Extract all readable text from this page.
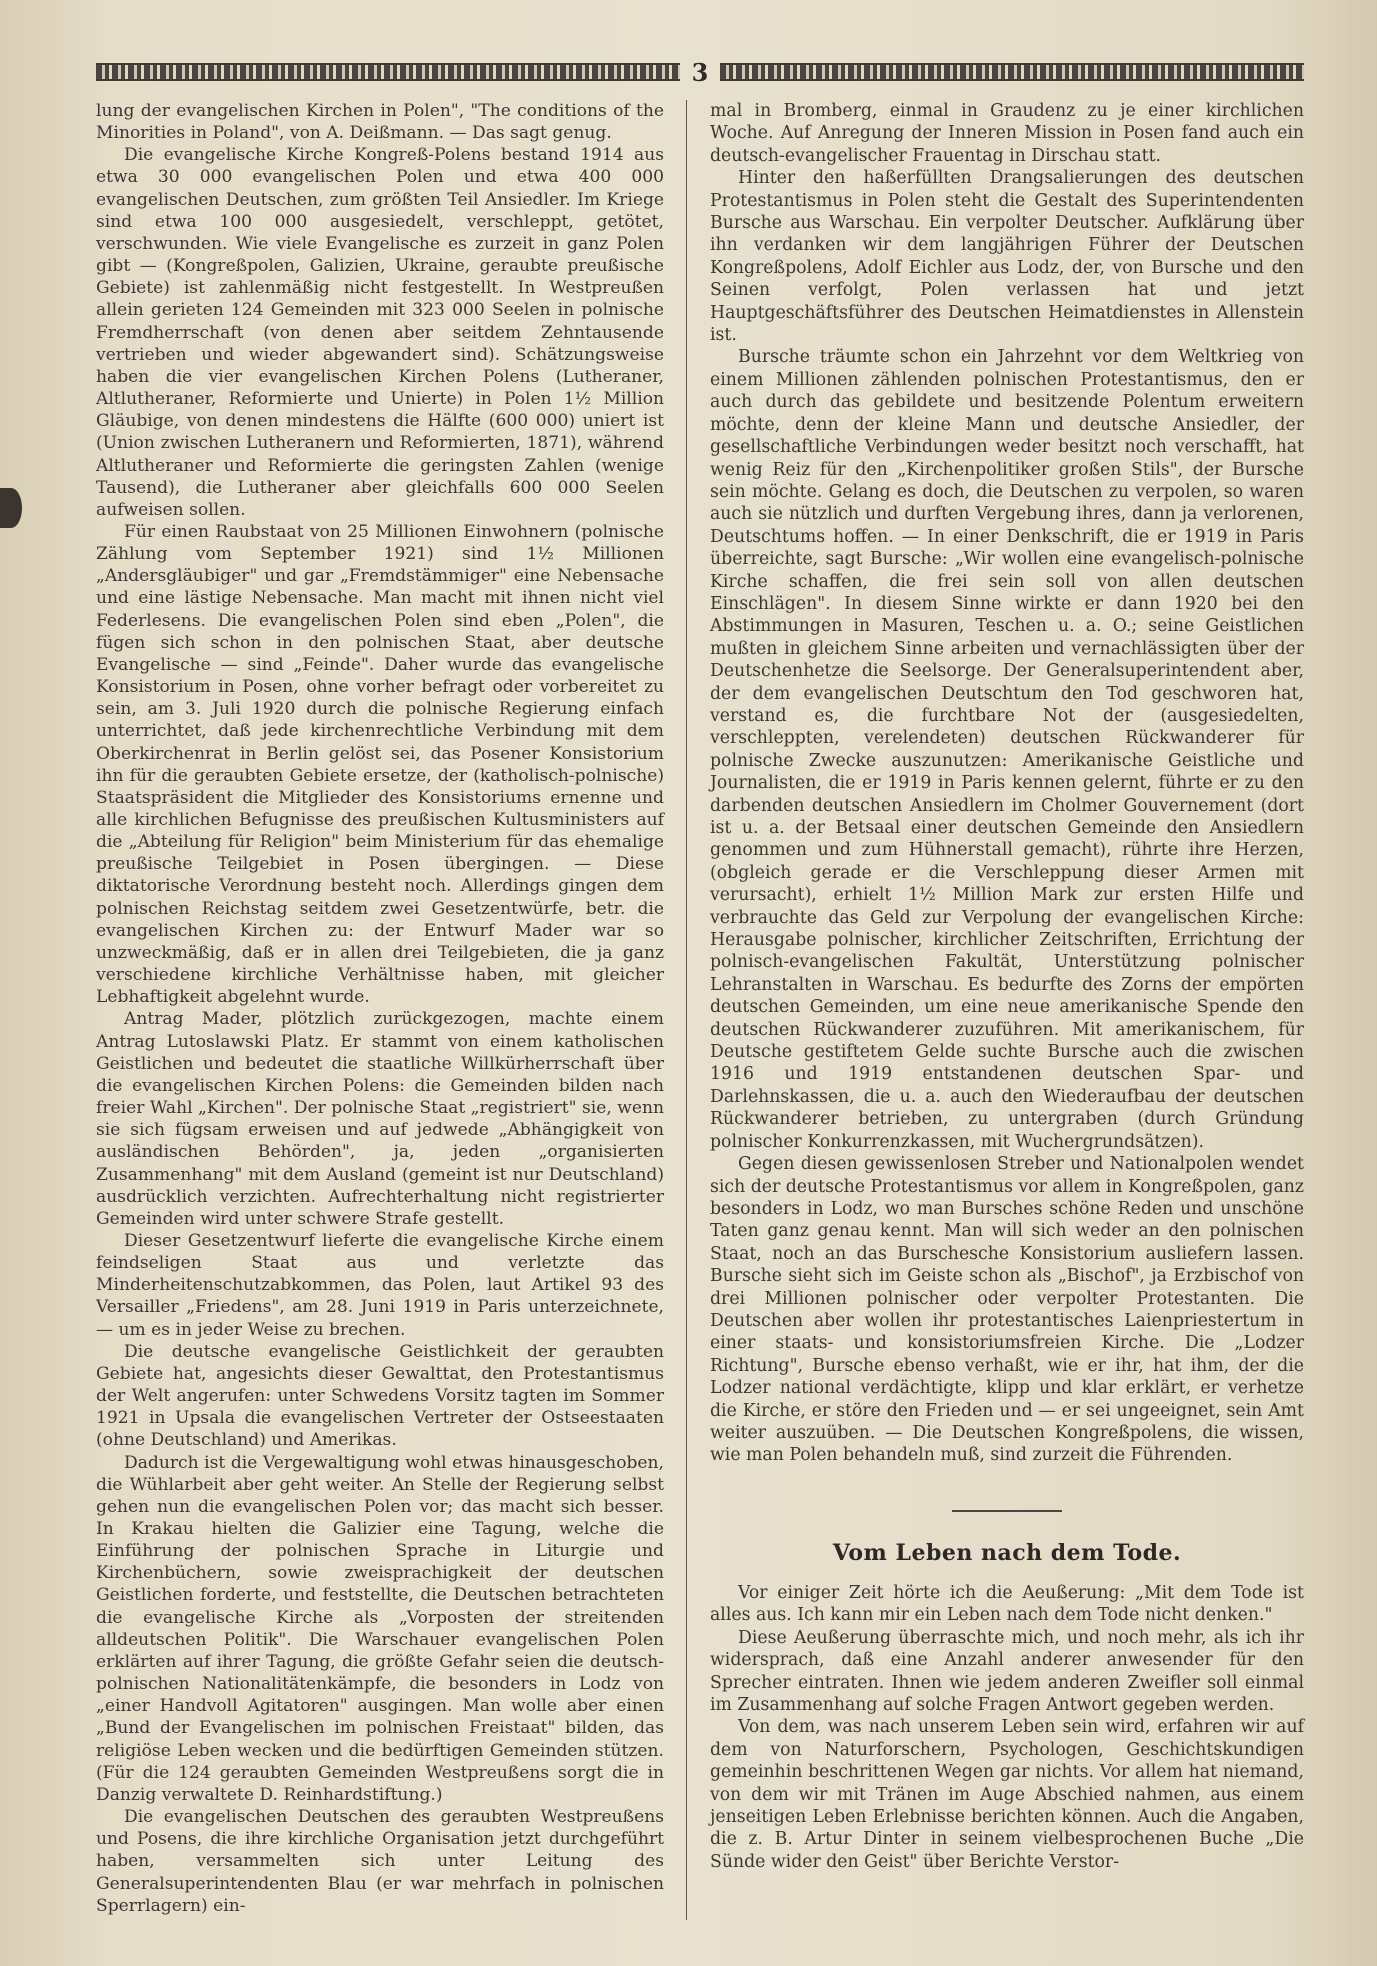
3

lung der evangelischen Kirchen in Polen", "The conditions of the Minorities in Poland", von A. Deißmann. — Das sagt genug.

Die evangelische Kirche Kongreß-Polens bestand 1914 aus etwa 30 000 evangelischen Polen und etwa 400 000 evangelischen Deutschen, zum größten Teil Ansiedler. Im Kriege sind etwa 100 000 ausgesiedelt, verschleppt, getötet, verschwunden. Wie viele Evangelische es zurzeit in ganz Polen gibt — (Kongreßpolen, Galizien, Ukraine, geraubte preußische Gebiete) ist zahlenmäßig nicht festgestellt. In Westpreußen allein gerieten 124 Gemeinden mit 323 000 Seelen in polnische Fremdherrschaft (von denen aber seitdem Zehntausende vertrieben und wieder abgewandert sind). Schätzungsweise haben die vier evangelischen Kirchen Polens (Lutheraner, Altlutheraner, Reformierte und Unierte) in Polen 1½ Million Gläubige, von denen mindestens die Hälfte (600 000) uniert ist (Union zwischen Lutheranern und Reformierten, 1871), während Altlutheraner und Reformierte die geringsten Zahlen (wenige Tausend), die Lutheraner aber gleichfalls 600 000 Seelen aufweisen sollen.

Für einen Raubstaat von 25 Millionen Einwohnern (polnische Zählung vom September 1921) sind 1½ Millionen „Andersgläubiger" und gar „Fremdstämmiger" eine Nebensache und eine lästige Nebensache. Man macht mit ihnen nicht viel Federlesens. Die evangelischen Polen sind eben „Polen", die fügen sich schon in den polnischen Staat, aber deutsche Evangelische — sind „Feinde". Daher wurde das evangelische Konsistorium in Posen, ohne vorher befragt oder vorbereitet zu sein, am 3. Juli 1920 durch die polnische Regierung einfach unterrichtet, daß jede kirchenrechtliche Verbindung mit dem Oberkirchenrat in Berlin gelöst sei, das Posener Konsistorium ihn für die geraubten Gebiete ersetze, der (katholisch-polnische) Staatspräsident die Mitglieder des Konsistoriums ernenne und alle kirchlichen Befugnisse des preußischen Kultusministers auf die „Abteilung für Religion" beim Ministerium für das ehemalige preußische Teilgebiet in Posen übergingen. — Diese diktatorische Verordnung besteht noch. Allerdings gingen dem polnischen Reichstag seitdem zwei Gesetzentwürfe, betr. die evangelischen Kirchen zu: der Entwurf Mader war so unzweckmäßig, daß er in allen drei Teilgebieten, die ja ganz verschiedene kirchliche Verhältnisse haben, mit gleicher Lebhaftigkeit abgelehnt wurde.

Antrag Mader, plötzlich zurückgezogen, machte einem Antrag Lutoslawski Platz. Er stammt von einem katholischen Geistlichen und bedeutet die staatliche Willkürherrschaft über die evangelischen Kirchen Polens: die Gemeinden bilden nach freier Wahl „Kirchen". Der polnische Staat „registriert" sie, wenn sie sich fügsam erweisen und auf jedwede „Abhängigkeit von ausländischen Behörden", ja, jeden „organisierten Zusammenhang" mit dem Ausland (gemeint ist nur Deutschland) ausdrücklich verzichten. Aufrechterhaltung nicht registrierter Gemeinden wird unter schwere Strafe gestellt.

Dieser Gesetzentwurf lieferte die evangelische Kirche einem feindseligen Staat aus und verletzte das Minderheitenschutzabkommen, das Polen, laut Artikel 93 des Versailler „Friedens", am 28. Juni 1919 in Paris unterzeichnete, — um es in jeder Weise zu brechen.

Die deutsche evangelische Geistlichkeit der geraubten Gebiete hat, angesichts dieser Gewalttat, den Protestantismus der Welt angerufen: unter Schwedens Vorsitz tagten im Sommer 1921 in Upsala die evangelischen Vertreter der Ostseestaaten (ohne Deutschland) und Amerikas.

Dadurch ist die Vergewaltigung wohl etwas hinausgeschoben, die Wühlarbeit aber geht weiter. An Stelle der Regierung selbst gehen nun die evangelischen Polen vor; das macht sich besser. In Krakau hielten die Galizier eine Tagung, welche die Einführung der polnischen Sprache in Liturgie und Kirchenbüchern, sowie zweisprachigkeit der deutschen Geistlichen forderte, und feststellte, die Deutschen betrachteten die evangelische Kirche als „Vorposten der streitenden alldeutschen Politik". Die Warschauer evangelischen Polen erklärten auf ihrer Tagung, die größte Gefahr seien die deutsch-polnischen Nationalitätenkämpfe, die besonders in Lodz von „einer Handvoll Agitatoren" ausgingen. Man wolle aber einen „Bund der Evangelischen im polnischen Freistaat" bilden, das religiöse Leben wecken und die bedürftigen Gemeinden stützen. (Für die 124 geraubten Gemeinden Westpreußens sorgt die in Danzig verwaltete D. Reinhardstiftung.)

Die evangelischen Deutschen des geraubten Westpreußens und Posens, die ihre kirchliche Organisation jetzt durchgeführt haben, versammelten sich unter Leitung des Generalsuperintendenten Blau (er war mehrfach in polnischen Sperrlagern) ein-

mal in Bromberg, einmal in Graudenz zu je einer kirchlichen Woche. Auf Anregung der Inneren Mission in Posen fand auch ein deutsch-evangelischer Frauentag in Dirschau statt.

Hinter den haßerfüllten Drangsalierungen des deutschen Protestantismus in Polen steht die Gestalt des Superintendenten Bursche aus Warschau. Ein verpolter Deutscher. Aufklärung über ihn verdanken wir dem langjährigen Führer der Deutschen Kongreßpolens, Adolf Eichler aus Lodz, der, von Bursche und den Seinen verfolgt, Polen verlassen hat und jetzt Hauptgeschäftsführer des Deutschen Heimatdienstes in Allenstein ist.

Bursche träumte schon ein Jahrzehnt vor dem Weltkrieg von einem Millionen zählenden polnischen Protestantismus, den er auch durch das gebildete und besitzende Polentum erweitern möchte, denn der kleine Mann und deutsche Ansiedler, der gesellschaftliche Verbindungen weder besitzt noch verschafft, hat wenig Reiz für den „Kirchenpolitiker großen Stils", der Bursche sein möchte. Gelang es doch, die Deutschen zu verpolen, so waren auch sie nützlich und durften Vergebung ihres, dann ja verlorenen, Deutschtums hoffen. — In einer Denkschrift, die er 1919 in Paris überreichte, sagt Bursche: „Wir wollen eine evangelisch-polnische Kirche schaffen, die frei sein soll von allen deutschen Einschlägen". In diesem Sinne wirkte er dann 1920 bei den Abstimmungen in Masuren, Teschen u. a. O.; seine Geistlichen mußten in gleichem Sinne arbeiten und vernachlässigten über der Deutschenhetze die Seelsorge. Der Generalsuperintendent aber, der dem evangelischen Deutschtum den Tod geschworen hat, verstand es, die furchtbare Not der (ausgesiedelten, verschleppten, verelendeten) deutschen Rückwanderer für polnische Zwecke auszunutzen: Amerikanische Geistliche und Journalisten, die er 1919 in Paris kennen gelernt, führte er zu den darbenden deutschen Ansiedlern im Cholmer Gouvernement (dort ist u. a. der Betsaal einer deutschen Gemeinde den Ansiedlern genommen und zum Hühnerstall gemacht), rührte ihre Herzen, (obgleich gerade er die Verschleppung dieser Armen mit verursacht), erhielt 1½ Million Mark zur ersten Hilfe und verbrauchte das Geld zur Verpolung der evangelischen Kirche: Herausgabe polnischer, kirchlicher Zeitschriften, Errichtung der polnisch-evangelischen Fakultät, Unterstützung polnischer Lehranstalten in Warschau. Es bedurfte des Zorns der empörten deutschen Gemeinden, um eine neue amerikanische Spende den deutschen Rückwanderer zuzuführen. Mit amerikanischem, für Deutsche gestiftetem Gelde suchte Bursche auch die zwischen 1916 und 1919 entstandenen deutschen Spar- und Darlehnskassen, die u. a. auch den Wiederaufbau der deutschen Rückwanderer betrieben, zu untergraben (durch Gründung polnischer Konkurrenzkassen, mit Wuchergrundsätzen).

Gegen diesen gewissenlosen Streber und Nationalpolen wendet sich der deutsche Protestantismus vor allem in Kongreßpolen, ganz besonders in Lodz, wo man Bursches schöne Reden und unschöne Taten ganz genau kennt. Man will sich weder an den polnischen Staat, noch an das Burschesche Konsistorium ausliefern lassen. Bursche sieht sich im Geiste schon als „Bischof", ja Erzbischof von drei Millionen polnischer oder verpolter Protestanten. Die Deutschen aber wollen ihr protestantisches Laienpriestertum in einer staats- und konsistoriumsfreien Kirche. Die „Lodzer Richtung", Bursche ebenso verhaßt, wie er ihr, hat ihm, der die Lodzer national verdächtigte, klipp und klar erklärt, er verhetze die Kirche, er störe den Frieden und — er sei ungeeignet, sein Amt weiter auszuüben. — Die Deutschen Kongreßpolens, die wissen, wie man Polen behandeln muß, sind zurzeit die Führenden.

Vom Leben nach dem Tode.

Vor einiger Zeit hörte ich die Aeußerung: „Mit dem Tode ist alles aus. Ich kann mir ein Leben nach dem Tode nicht denken."

Diese Aeußerung überraschte mich, und noch mehr, als ich ihr widersprach, daß eine Anzahl anderer anwesender für den Sprecher eintraten. Ihnen wie jedem anderen Zweifler soll einmal im Zusammenhang auf solche Fragen Antwort gegeben werden.

Von dem, was nach unserem Leben sein wird, erfahren wir auf dem von Naturforschern, Psychologen, Geschichtskundigen gemeinhin beschrittenen Wegen gar nichts. Vor allem hat niemand, von dem wir mit Tränen im Auge Abschied nahmen, aus einem jenseitigen Leben Erlebnisse berichten können. Auch die Angaben, die z. B. Artur Dinter in seinem vielbesprochenen Buche „Die Sünde wider den Geist" über Berichte Verstor-
